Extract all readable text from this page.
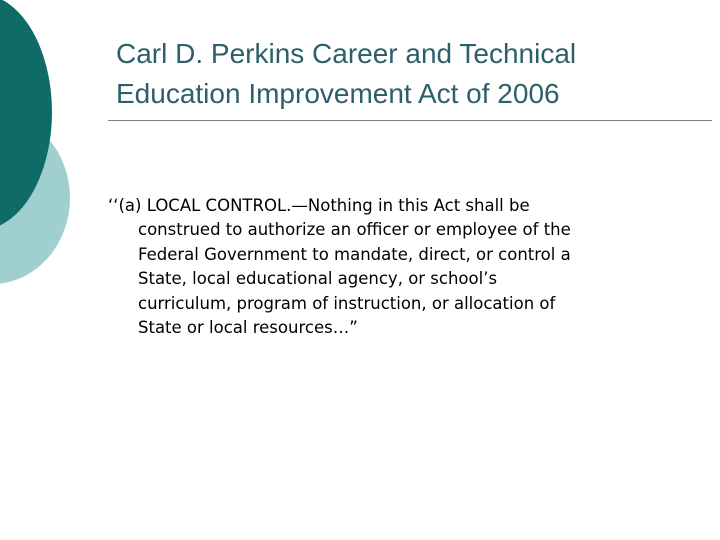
Carl D. Perkins Career and Technical
Education Improvement Act of 2006

‘‘(a) LOCAL CONTROL.—Nothing in this Act shall be
construed to authorize an officer or employee of the
Federal Government to mandate, direct, or control a
State, local educational agency, or school’s
curriculum, program of instruction, or allocation of
State or local resources…”
